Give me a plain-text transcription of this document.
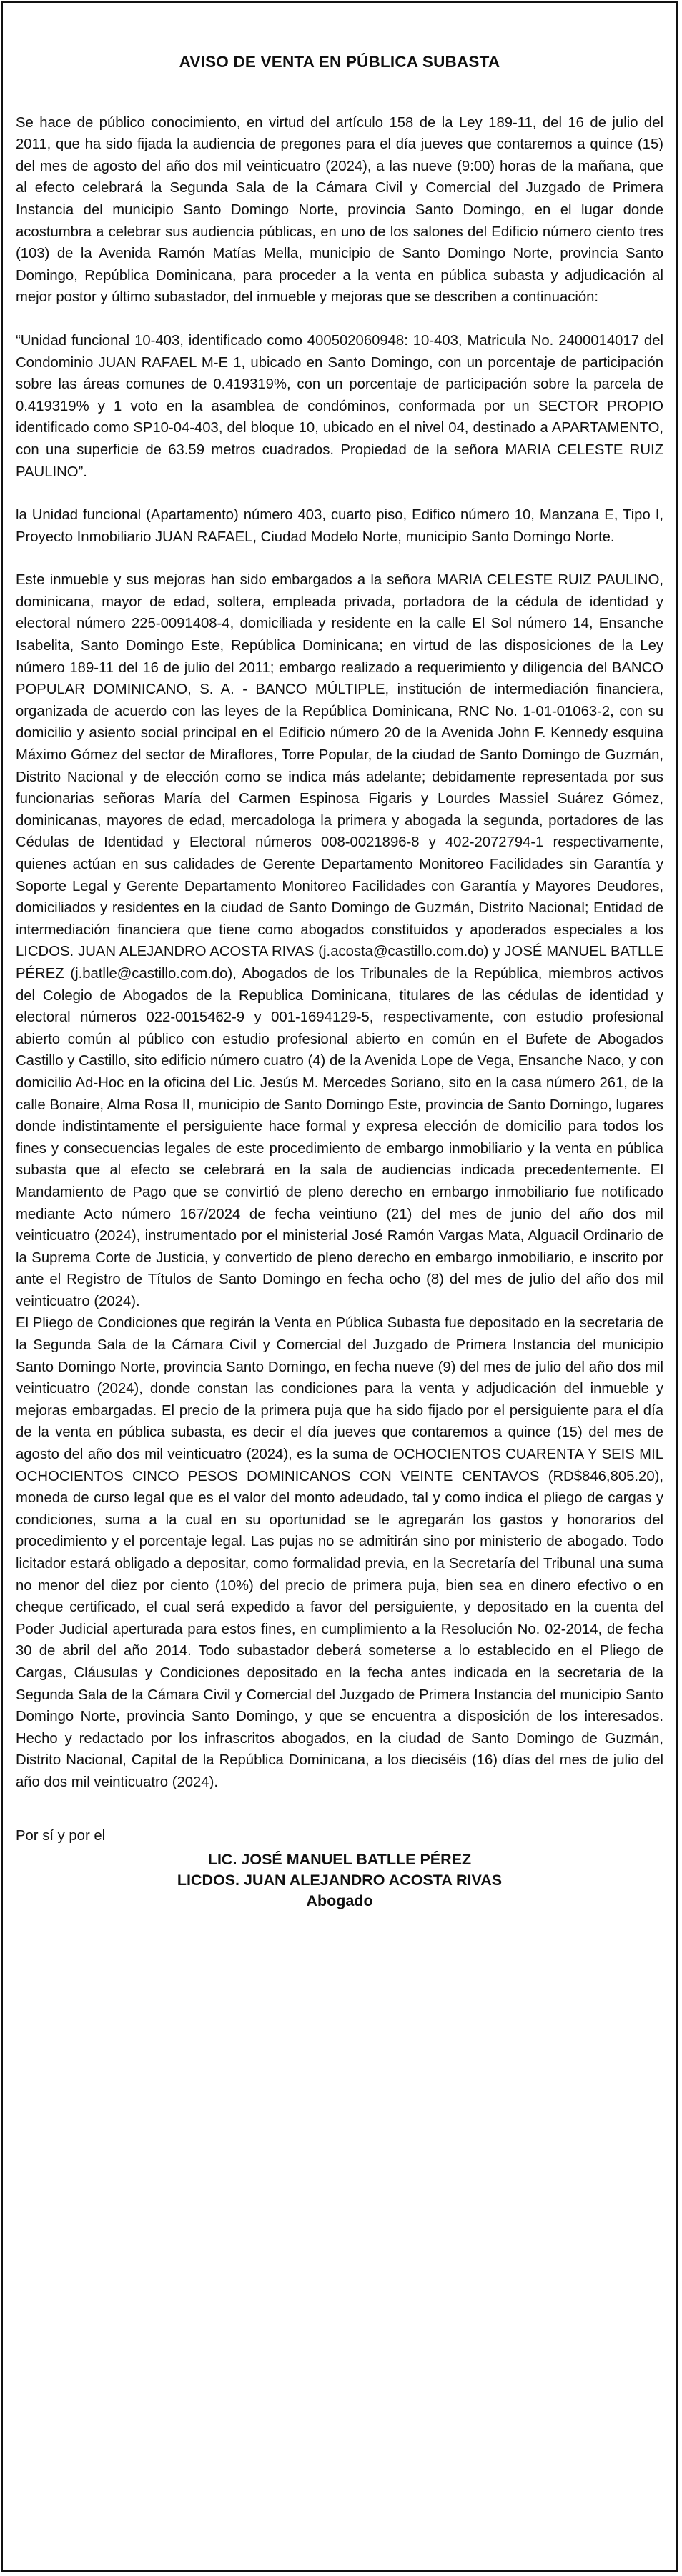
AVISO DE VENTA EN PÚBLICA SUBASTA

Se hace de público conocimiento, en virtud del artículo 158 de la Ley 189-11, del 16 de julio del 2011, que ha sido fijada la audiencia de pregones para el día jueves que contaremos a quince (15) del mes de agosto del año dos mil veinticuatro (2024), a las nueve (9:00) horas de la mañana, que al efecto celebrará la Segunda Sala de la Cámara Civil y Comercial del Juzgado de Primera Instancia del municipio Santo Domingo Norte, provincia Santo Domingo, en el lugar donde acostumbra a celebrar sus audiencia públicas, en uno de los salones del Edificio número ciento tres (103) de la Avenida Ramón Matías Mella, municipio de Santo Domingo Norte, provincia Santo Domingo, República Dominicana, para proceder a la venta en pública subasta y adjudicación al mejor postor y último subastador, del inmueble y mejoras que se describen a continuación:

“Unidad funcional 10-403, identificado como 400502060948: 10-403, Matricula No. 2400014017 del Condominio JUAN RAFAEL M-E 1, ubicado en Santo Domingo, con un porcentaje de participación sobre las áreas comunes de 0.419319%, con un porcentaje de participación sobre la parcela de 0.419319% y 1 voto en la asamblea de condóminos, conformada por un SECTOR PROPIO identificado como SP10-04-403, del bloque 10, ubicado en el nivel 04, destinado a APARTAMENTO, con una superficie de 63.59 metros cuadrados. Propiedad de la señora MARIA CELESTE RUIZ PAULINO”.

la Unidad funcional (Apartamento) número 403, cuarto piso, Edifico número 10, Manzana E, Tipo I, Proyecto Inmobiliario JUAN RAFAEL, Ciudad Modelo Norte, municipio Santo Domingo Norte.

Este inmueble y sus mejoras han sido embargados a la señora MARIA CELESTE RUIZ PAULINO, dominicana, mayor de edad, soltera, empleada privada, portadora de la cédula de identidad y electoral número 225-0091408-4, domiciliada y residente en la calle El Sol número 14, Ensanche Isabelita, Santo Domingo Este, República Dominicana; en virtud de las disposiciones de la Ley número 189-11 del 16 de julio del 2011; embargo realizado a requerimiento y diligencia del BANCO POPULAR DOMINICANO, S. A. - BANCO MÚLTIPLE, institución de intermediación financiera, organizada de acuerdo con las leyes de la República Dominicana, RNC No. 1-01-01063-2, con su domicilio y asiento social principal en el Edificio número 20 de la Avenida John F. Kennedy esquina Máximo Gómez del sector de Miraflores, Torre Popular, de la ciudad de Santo Domingo de Guzmán, Distrito Nacional y de elección como se indica más adelante; debidamente representada por sus funcionarias señoras María del Carmen Espinosa Figaris y Lourdes Massiel Suárez Gómez, dominicanas, mayores de edad, mercadologa la primera y abogada la segunda, portadores de las Cédulas de Identidad y Electoral números 008-0021896-8 y 402-2072794-1 respectivamente, quienes actúan en sus calidades de Gerente Departamento Monitoreo Facilidades sin Garantía y Soporte Legal y Gerente Departamento Monitoreo Facilidades con Garantía y Mayores Deudores, domiciliados y residentes en la ciudad de Santo Domingo de Guzmán, Distrito Nacional; Entidad de intermediación financiera que tiene como abogados constituidos y apoderados especiales a los LICDOS. JUAN ALEJANDRO ACOSTA RIVAS (j.acosta@castillo.com.do) y JOSÉ MANUEL BATLLE PÉREZ (j.batlle@castillo.com.do), Abogados de los Tribunales de la República, miembros activos del Colegio de Abogados de la Republica Dominicana, titulares de las cédulas de identidad y electoral números 022-0015462-9 y 001-1694129-5, respectivamente, con estudio profesional abierto común al público con estudio profesional abierto en común en el Bufete de Abogados Castillo y Castillo, sito edificio número cuatro (4) de la Avenida Lope de Vega, Ensanche Naco, y con domicilio Ad-Hoc en la oficina del Lic. Jesús M. Mercedes Soriano, sito en la casa número 261, de la calle Bonaire, Alma Rosa II, municipio de Santo Domingo Este, provincia de Santo Domingo, lugares donde indistintamente el persiguiente hace formal y expresa elección de domicilio para todos los fines y consecuencias legales de este procedimiento de embargo inmobiliario y la venta en pública subasta que al efecto se celebrará en la sala de audiencias indicada precedentemente. El Mandamiento de Pago que se convirtió de pleno derecho en embargo inmobiliario fue notificado mediante Acto número 167/2024 de fecha veintiuno (21) del mes de junio del año dos mil veinticuatro (2024), instrumentado por el ministerial José Ramón Vargas Mata, Alguacil Ordinario de la Suprema Corte de Justicia, y convertido de pleno derecho en embargo inmobiliario, e inscrito por ante el Registro de Títulos de Santo Domingo en fecha ocho (8) del mes de julio del año dos mil veinticuatro (2024).

El Pliego de Condiciones que regirán la Venta en Pública Subasta fue depositado en la secretaria de la Segunda Sala de la Cámara Civil y Comercial del Juzgado de Primera Instancia del municipio Santo Domingo Norte, provincia Santo Domingo, en fecha nueve (9) del mes de julio del año dos mil veinticuatro (2024), donde constan las condiciones para la venta y adjudicación del inmueble y mejoras embargadas. El precio de la primera puja que ha sido fijado por el persiguiente para el día de la venta en pública subasta, es decir el día jueves que contaremos a quince (15) del mes de agosto del año dos mil veinticuatro (2024), es la suma de OCHOCIENTOS CUARENTA Y SEIS MIL OCHOCIENTOS CINCO PESOS DOMINICANOS CON VEINTE CENTAVOS (RD$846,805.20), moneda de curso legal que es el valor del monto adeudado, tal y como indica el pliego de cargas y condiciones, suma a la cual en su oportunidad se le agregarán los gastos y honorarios del procedimiento y el porcentaje legal. Las pujas no se admitirán sino por ministerio de abogado. Todo licitador estará obligado a depositar, como formalidad previa, en la Secretaría del Tribunal una suma no menor del diez por ciento (10%) del precio de primera puja, bien sea en dinero efectivo o en cheque certificado, el cual será expedido a favor del persiguiente, y depositado en la cuenta del Poder Judicial aperturada para estos fines, en cumplimiento a la Resolución No. 02-2014, de fecha 30 de abril del año 2014. Todo subastador deberá someterse a lo establecido en el Pliego de Cargas, Cláusulas y Condiciones depositado en la fecha antes indicada en la secretaria de la Segunda Sala de la Cámara Civil y Comercial del Juzgado de Primera Instancia del municipio Santo Domingo Norte, provincia Santo Domingo, y que se encuentra a disposición de los interesados. Hecho y redactado por los infrascritos abogados, en la ciudad de Santo Domingo de Guzmán, Distrito Nacional, Capital de la República Dominicana, a los dieciséis (16) días del mes de julio del año dos mil veinticuatro (2024).

Por sí y por el

LIC. JOSÉ MANUEL BATLLE PÉREZ

LICDOS. JUAN ALEJANDRO ACOSTA RIVAS

Abogado
